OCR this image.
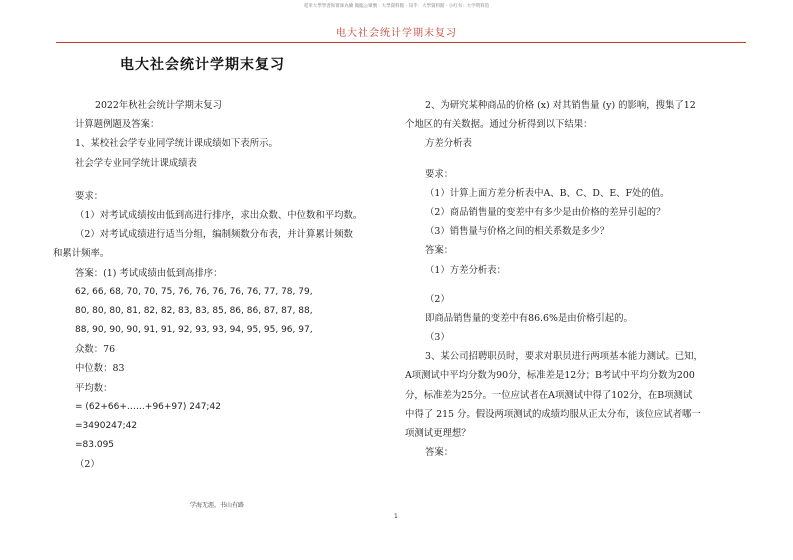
電米大學學習和實庫為臉 微臨公眾號：大學資料館 · 知乎：大學資料館 · 小红书：大学资料馆
电大社会统计学期末复习
电大社会统计学期末复习
2022年秋社会统计学期末复习
计算题例题及答案：
1、某校社会学专业同学统计课成绩如下表所示。
社会学专业同学统计课成绩表
要求：
（1）对考试成绩按由低到高进行排序，求出众数、中位数和平均数。
（2）对考试成绩进行适当分组，编制频数分布表，并计算累计频数
和累计频率。
答案：(1) 考试成绩由低到高排序：
62, 66, 68, 70, 70, 75, 76, 76, 76, 76, 76, 77, 78, 79,
80, 80, 80, 81, 82, 82, 83, 83, 85, 86, 86, 87, 87, 88,
88, 90, 90, 90, 91, 91, 92, 93, 93, 94, 95, 95, 96, 97,
众数：76
中位数：83
平均数：
= (62+66+……+96+97) 247;42
=3490247;42
=83.095
（2）
2、为研究某种商品的价格 (x) 对其销售量 (y) 的影响，搜集了12
个地区的有关数据。通过分析得到以下结果：
方差分析表
要求：
（1）计算上面方差分析表中A、B、C、D、E、F处的值。
（2）商品销售量的变差中有多少是由价格的差异引起的？
（3）销售量与价格之间的相关系数是多少？
答案：
（1）方差分析表：
（2）
即商品销售量的变差中有86.6%是由价格引起的。
（3）
3、某公司招聘职员时，要求对职员进行两项基本能力测试。已知，
A项测试中平均分数为90分，标准差是12分；B考试中平均分数为200
分，标准差为25分。一位应试者在A项测试中得了102分，在B项测试
中得了 215 分。假设两项测试的成绩均服从正太分布，该位应试者哪一
项测试更理想？
答案：
学海无涯，书山有路
1
